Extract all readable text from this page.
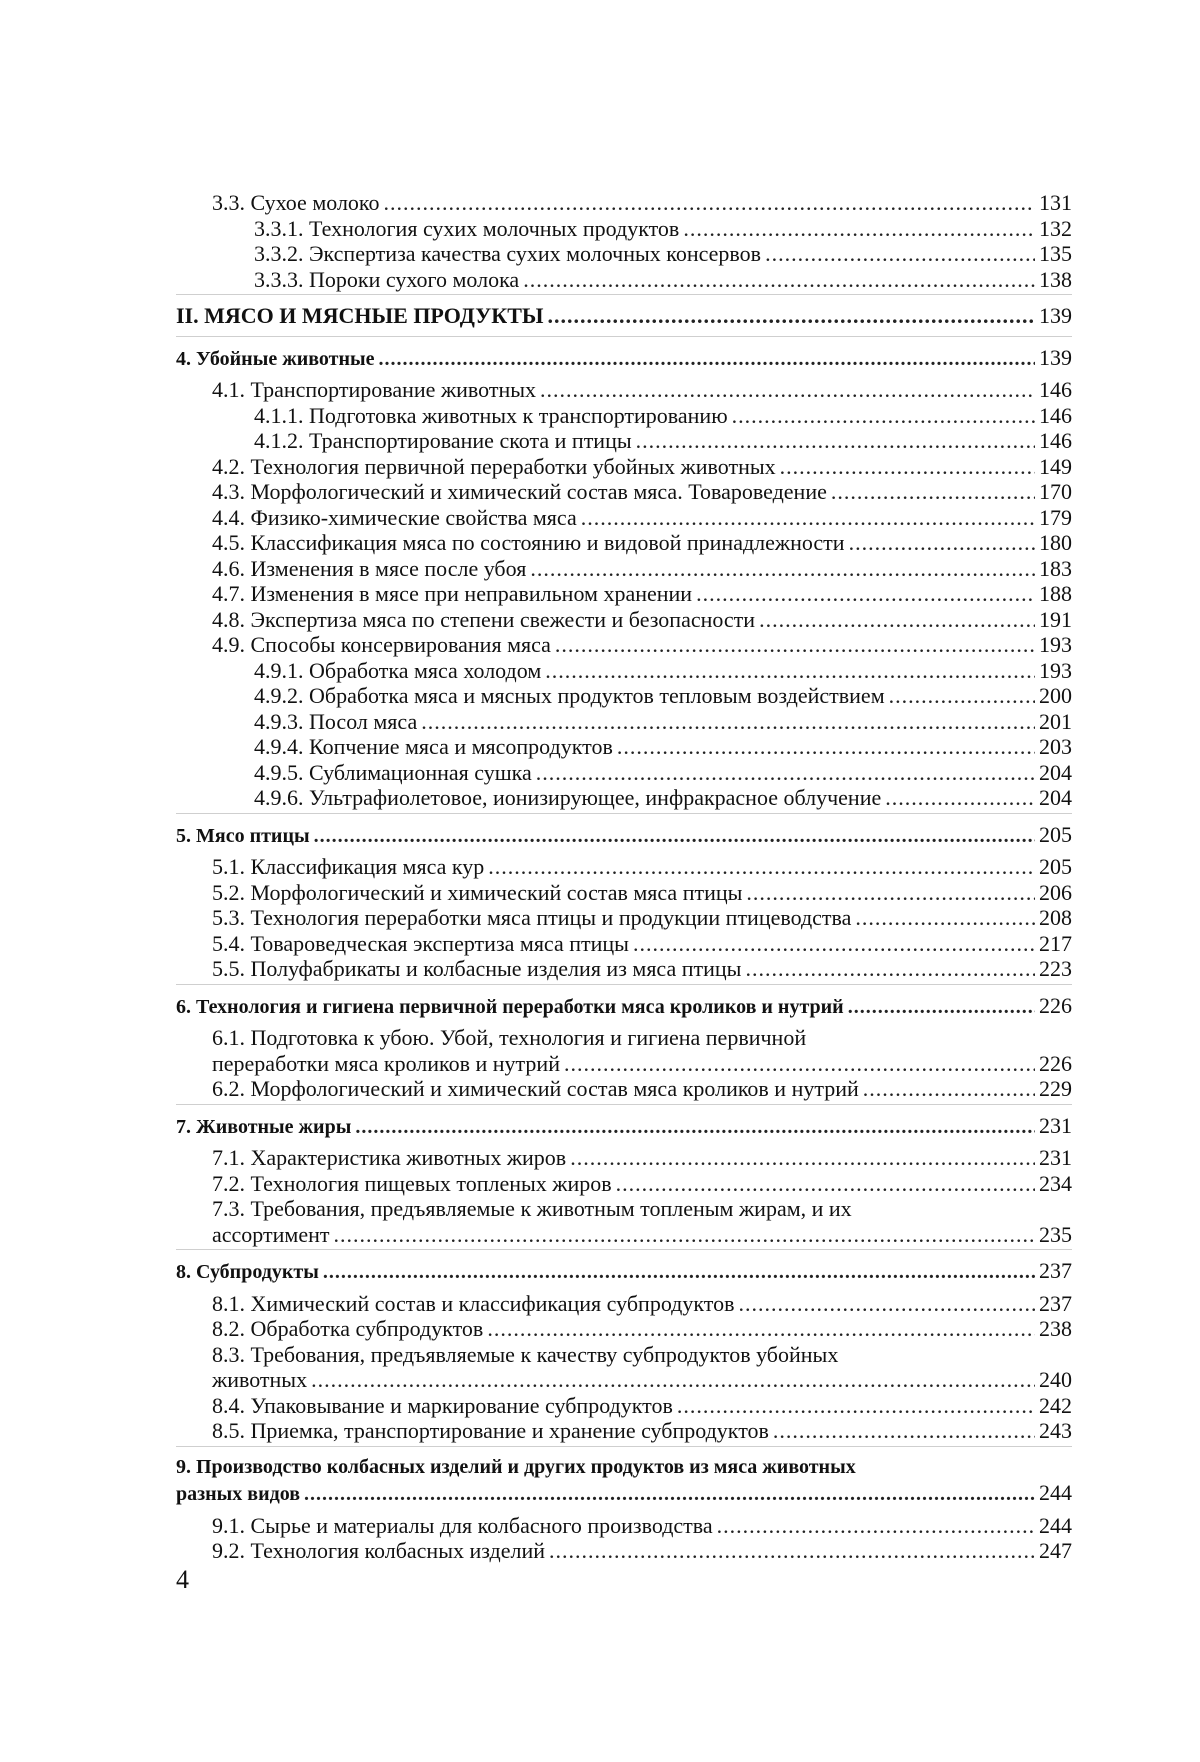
3.3. Сухое молоко .....	131
3.3.1. Технология сухих молочных продуктов .....	132
3.3.2. Экспертиза качества сухих молочных консервов .....	135
3.3.3. Пороки сухого молока .....	138
II. МЯСО И МЯСНЫЕ ПРОДУКТЫ .....	139
4. Убойные животные .....	139
4.1. Транспортирование животных .....	146
4.1.1. Подготовка животных к транспортированию .....	146
4.1.2. Транспортирование скота и птицы .....	146
4.2. Технология первичной переработки убойных животных .....	149
4.3. Морфологический и химический состав мяса. Товароведение .....	170
4.4. Физико-химические свойства мяса .....	179
4.5. Классификация мяса по состоянию и видовой принадлежности .....	180
4.6. Изменения в мясе после убоя .....	183
4.7. Изменения в мясе при неправильном хранении .....	188
4.8. Экспертиза мяса по степени свежести и безопасности .....	191
4.9. Способы консервирования мяса .....	193
4.9.1. Обработка мяса холодом .....	193
4.9.2. Обработка мяса и мясных продуктов тепловым воздействием .....	200
4.9.3. Посол мяса .....	201
4.9.4. Копчение мяса и мясопродуктов .....	203
4.9.5. Сублимационная сушка .....	204
4.9.6. Ультрафиолетовое, ионизирующее, инфракрасное облучение .....	204
5. Мясо птицы .....	205
5.1. Классификация мяса кур .....	205
5.2. Морфологический и химический состав мяса птицы .....	206
5.3. Технология переработки мяса птицы и продукции птицеводства .....	208
5.4. Товароведческая экспертиза мяса птицы .....	217
5.5. Полуфабрикаты и колбасные изделия из мяса птицы .....	223
6. Технология и гигиена первичной переработки мяса кроликов и нутрий .....	226
6.1. Подготовка к убою. Убой, технология и гигиена первичной
переработки мяса кроликов и нутрий .....	226
6.2. Морфологический и химический состав мяса кроликов и нутрий .....	229
7. Животные жиры .....	231
7.1. Характеристика животных жиров .....	231
7.2. Технология пищевых топленых жиров .....	234
7.3. Требования, предъявляемые к животным топленым жирам, и их
ассортимент .....	235
8. Субпродукты .....	237
8.1. Химический состав и классификация субпродуктов .....	237
8.2. Обработка субпродуктов .....	238
8.3. Требования, предъявляемые к качеству субпродуктов убойных
животных .....	240
8.4. Упаковывание и маркирование субпродуктов .....	242
8.5. Приемка, транспортирование и хранение субпродуктов .....	243
9. Производство колбасных изделий и других продуктов из мяса животных
разных видов .....	244
9.1. Сырье и материалы для колбасного производства .....	244
9.2. Технология колбасных изделий .....	247
4
